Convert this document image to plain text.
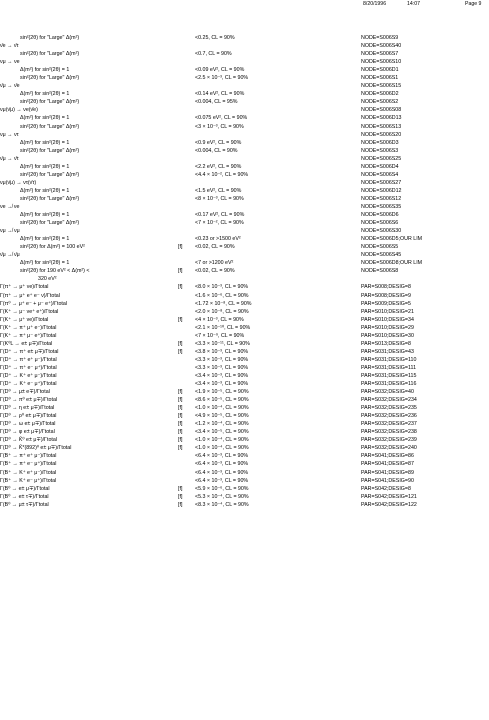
8/20/1996	14:07	Page 9
sin²(2θ) for "Large" Δ(m²)	<0.25, CL = 90%	NODE=S006S9
ν̄e → ν̄τ	NODE=S006S40
sin²(2θ) for "Large" Δ(m²)	<0.7, CL = 90%	NODE=S006S7
νμ → νe	NODE=S006S10
Δ(m²) for sin²(2θ) = 1	<0.09 eV², CL = 90%	NODE=S006D1
sin²(2θ) for "Large" Δ(m²)	<2.5 × 10⁻³, CL = 90%	NODE=S006S1
ν̄μ → ν̄e	NODE=S006S15
Δ(m²) for sin²(2θ) = 1	<0.14 eV², CL = 90%	NODE=S006D2
sin²(2θ) for "Large" Δ(m²)	<0.004, CL = 95%	NODE=S006S2
νμ(ν̄μ) → νe(ν̄e)	NODE=S006S08
Δ(m²) for sin²(2θ) = 1	<0.075 eV², CL = 90%	NODE=S006D13
sin²(2θ) for "Large" Δ(m²)	<3 × 10⁻³, CL = 90%	NODE=S006S13
νμ → ντ	NODE=S006S20
Δ(m²) for sin²(2θ) = 1	<0.9 eV², CL = 90%	NODE=S006D3
sin²(2θ) for "Large" Δ(m²)	<0.004, CL = 90%	NODE=S006S3
ν̄μ → ν̄τ	NODE=S006S25
Δ(m²) for sin²(2θ) = 1	<2.2 eV², CL = 90%	NODE=S006D4
sin²(2θ) for "Large" Δ(m²)	<4.4 × 10⁻², CL = 90%	NODE=S006S4
νμ(ν̄μ) → ντ(ν̄τ)	NODE=S006S27
Δ(m²) for sin²(2θ) = 1	<1.5 eV², CL = 90%	NODE=S006D12
sin²(2θ) for "Large" Δ(m²)	<8 × 10⁻³, CL = 90%	NODE=S006S12
νe ↛ νe	NODE=S006S35
Δ(m²) for sin²(2θ) = 1	<0.17 eV², CL = 90%	NODE=S006D6
sin²(2θ) for "Large" Δ(m²)	<7 × 10⁻², CL = 90%	NODE=S006S6
νμ ↛ νμ	NODE=S006S30
Δ(m²) for sin²(2θ) = 1	<0.23 or >1500 eV²	NODE=S006D5;OUR LIM
sin²(2θ) for Δ(m²) = 100 eV²	[f] <0.02, CL = 90%	NODE=S006S5
ν̄μ ↛ ν̄μ	NODE=S006S45
Δ(m²) for sin²(2θ) = 1	<7 or >1200 eV²	NODE=S006D8;OUR LIM
sin²(2θ) for 190 eV² < Δ(m²) <	[f] <0.02, CL = 90%	NODE=S006S8
320 eV²
Γ(π⁺ → μ⁺ νe)/Γtotal	[f] <8.0 × 10⁻³, CL = 90%	PAR=S008;DESIG=8
Γ(π⁺ → μ⁺ e⁺ e⁻ ν)/Γtotal	<1.6 × 10⁻⁶, CL = 90%	PAR=S008;DESIG=9
Γ(π⁰ → μ⁺ e⁻ + μ⁻ e⁺)/Γtotal	<1.72 × 10⁻⁸, CL = 90%	PAR=S009;DESIG=5
Γ(K⁺ → μ⁻ νe⁺ e⁺)/Γtotal	<2.0 × 10⁻⁸, CL = 90%	PAR=S010;DESIG=21
Γ(K⁺ → μ⁺ νe)/Γtotal	[f] <4 × 10⁻³, CL = 90%	PAR=S010;DESIG=34
Γ(K⁺ → π⁺ μ⁺ e⁻)/Γtotal	<2.1 × 10⁻¹⁰, CL = 90%	PAR=S010;DESIG=29
Γ(K⁺ → π⁺ μ⁻ e⁺)/Γtotal	<7 × 10⁻⁹, CL = 90%	PAR=S010;DESIG=30
Γ(K⁰L → e± μ∓)/Γtotal	[f] <3.3 × 10⁻¹¹, CL = 90%	PAR=S013;DESIG=8
Γ(D⁺ → π⁺ e± μ∓)/Γtotal	[f] <3.8 × 10⁻³, CL = 90%	PAR=S031;DESIG=43
Γ(D⁺ → π⁺ e⁺ μ⁻)/Γtotal	<3.3 × 10⁻³, CL = 90%	PAR=S031;DESIG=110
Γ(D⁺ → π⁺ e⁻ μ⁺)/Γtotal	<3.3 × 10⁻³, CL = 90%	PAR=S031;DESIG=111
Γ(D⁺ → K⁺ e⁺ μ⁻)/Γtotal	<3.4 × 10⁻³, CL = 90%	PAR=S031;DESIG=115
Γ(D⁺ → K⁺ e⁻ μ⁺)/Γtotal	<3.4 × 10⁻³, CL = 90%	PAR=S031;DESIG=116
Γ(D⁰ → μ± e∓)/Γtotal	[f] <1.9 × 10⁻⁵, CL = 90%	PAR=S032;DESIG=40
Γ(D⁰ → π⁰ e± μ∓)/Γtotal	[f] <8.6 × 10⁻⁵, CL = 90%	PAR=S032;DESIG=234
Γ(D⁰ → η e± μ∓)/Γtotal	[f] <1.0 × 10⁻⁴, CL = 90%	PAR=S032;DESIG=235
Γ(D⁰ → ρ⁰ e± μ∓)/Γtotal	[f] <4.9 × 10⁻⁵, CL = 90%	PAR=S032;DESIG=236
Γ(D⁰ → ω e± μ∓)/Γtotal	[f] <1.2 × 10⁻⁴, CL = 90%	PAR=S032;DESIG=237
Γ(D⁰ → φ e± μ∓)/Γtotal	[f] <3.4 × 10⁻⁵, CL = 90%	PAR=S032;DESIG=238
Γ(D⁰ → K̄⁰ e± μ∓)/Γtotal	[f] <1.0 × 10⁻⁴, CL = 90%	PAR=S032;DESIG=239
Γ(D⁰ → K̄*(892)⁰ e± μ∓)/Γtotal	[f] <1.0 × 10⁻⁴, CL = 90%	PAR=S032;DESIG=240
Γ(B⁺ → π⁺ e⁺ μ⁻)/Γtotal	<6.4 × 10⁻³, CL = 90%	PAR=S041;DESIG=86
Γ(B⁺ → π⁺ e⁻ μ⁺)/Γtotal	<6.4 × 10⁻³, CL = 90%	PAR=S041;DESIG=87
Γ(B⁺ → K⁺ e⁺ μ⁻)/Γtotal	<6.4 × 10⁻³, CL = 90%	PAR=S041;DESIG=89
Γ(B⁺ → K⁺ e⁻ μ⁺)/Γtotal	<6.4 × 10⁻³, CL = 90%	PAR=S041;DESIG=90
Γ(B⁰ → e± μ∓)/Γtotal	[f] <5.9 × 10⁻⁶, CL = 90%	PAR=S042;DESIG=8
Γ(B⁰ → e± τ∓)/Γtotal	[f] <5.3 × 10⁻⁴, CL = 90%	PAR=S042;DESIG=121
Γ(B⁰ → μ± τ∓)/Γtotal	[f] <8.3 × 10⁻⁴, CL = 90%	PAR=S042;DESIG=122
